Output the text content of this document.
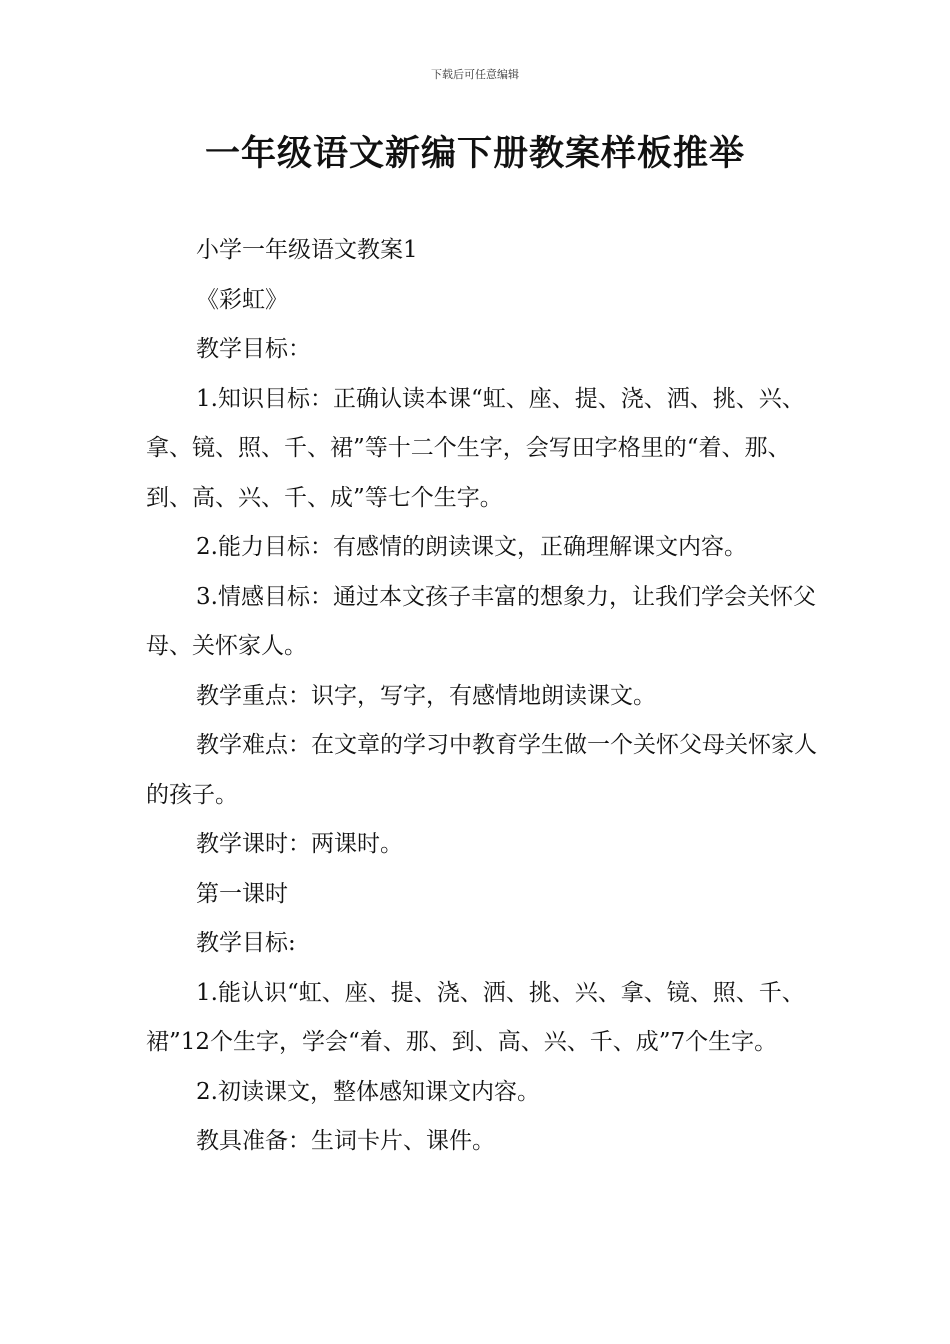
下载后可任意编辑
一年级语文新编下册教案样板推举

小学一年级语文教案1

《彩虹》

教学目标：

1.知识目标：正确认读本课“虹、座、提、浇、洒、挑、兴、拿、镜、照、千、裙”等十二个生字，会写田字格里的“着、那、到、高、兴、千、成”等七个生字。

2.能力目标：有感情的朗读课文，正确理解课文内容。

3.情感目标：通过本文孩子丰富的想象力，让我们学会关怀父母、关怀家人。

教学重点：识字，写字，有感情地朗读课文。

教学难点：在文章的学习中教育学生做一个关怀父母关怀家人的孩子。

教学课时：两课时。

第一课时

教学目标:

1.能认识“虹、座、提、浇、洒、挑、兴、拿、镜、照、千、裙”12个生字，学会“着、那、到、高、兴、千、成”7个生字。

2.初读课文，整体感知课文内容。

教具准备：生词卡片、课件。
